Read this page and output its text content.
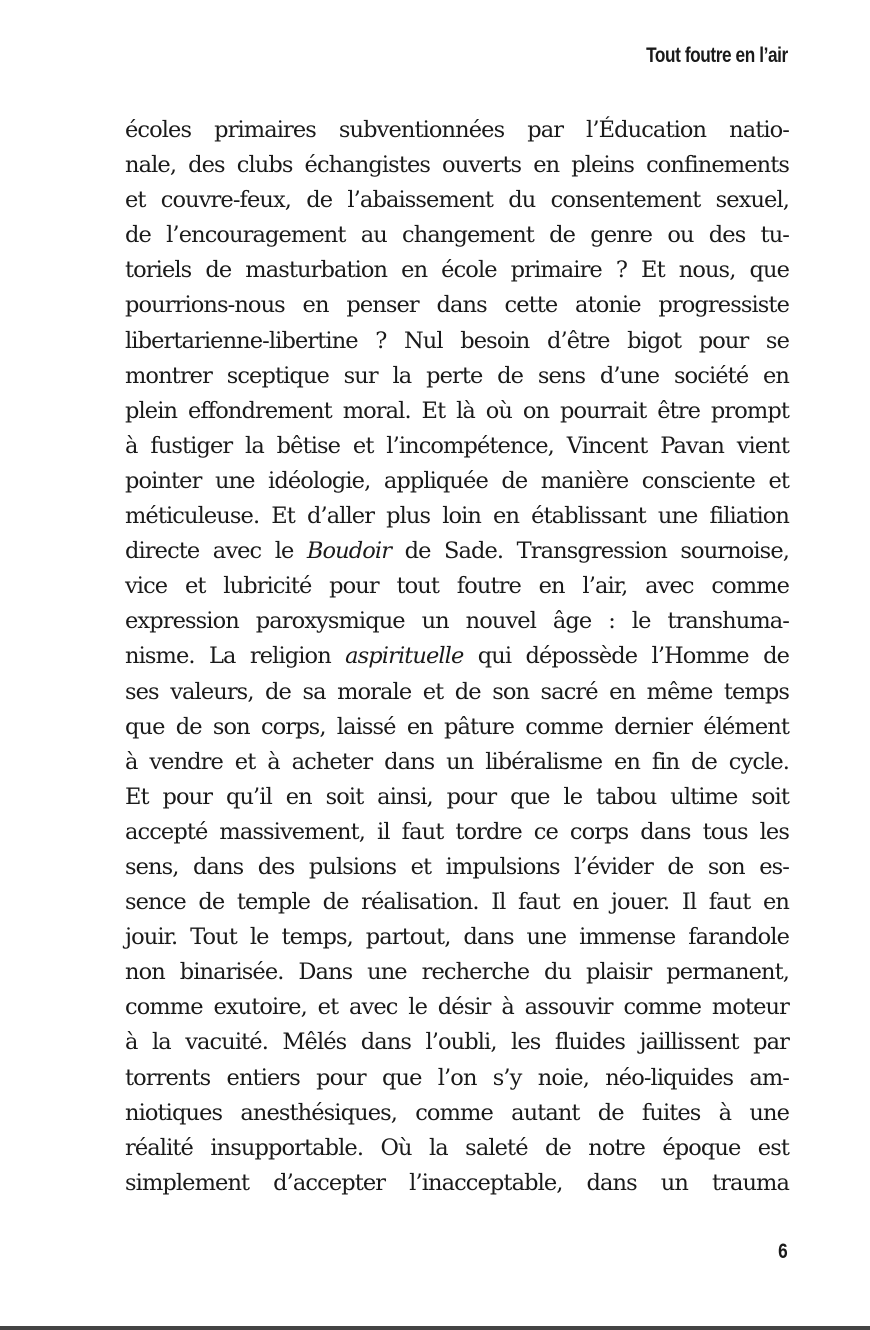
Tout foutre en l’air
écoles primaires subventionnées par l’Éducation natio-
nale, des clubs échangistes ouverts en pleins confinements
et couvre-feux, de l’abaissement du consentement sexuel,
de l’encouragement au changement de genre ou des tu-
toriels de masturbation en école primaire ? Et nous, que
pourrions-nous en penser dans cette atonie progressiste
libertarienne-libertine ? Nul besoin d’être bigot pour se
montrer sceptique sur la perte de sens d’une société en
plein effondrement moral. Et là où on pourrait être prompt
à fustiger la bêtise et l’incompétence, Vincent Pavan vient
pointer une idéologie, appliquée de manière consciente et
méticuleuse. Et d’aller plus loin en établissant une filiation
directe avec le Boudoir de Sade. Transgression sournoise,
vice et lubricité pour tout foutre en l’air, avec comme
expression paroxysmique un nouvel âge : le transhuma-
nisme. La religion aspirituelle qui dépossède l’Homme de
ses valeurs, de sa morale et de son sacré en même temps
que de son corps, laissé en pâture comme dernier élément
à vendre et à acheter dans un libéralisme en fin de cycle.
Et pour qu’il en soit ainsi, pour que le tabou ultime soit
accepté massivement, il faut tordre ce corps dans tous les
sens, dans des pulsions et impulsions l’évider de son es-
sence de temple de réalisation. Il faut en jouer. Il faut en
jouir. Tout le temps, partout, dans une immense farandole
non binarisée. Dans une recherche du plaisir permanent,
comme exutoire, et avec le désir à assouvir comme moteur
à la vacuité. Mêlés dans l’oubli, les fluides jaillissent par
torrents entiers pour que l’on s’y noie, néo-liquides am-
niotiques anesthésiques, comme autant de fuites à une
réalité insupportable. Où la saleté de notre époque est
simplement d’accepter l’inacceptable, dans un trauma
6
